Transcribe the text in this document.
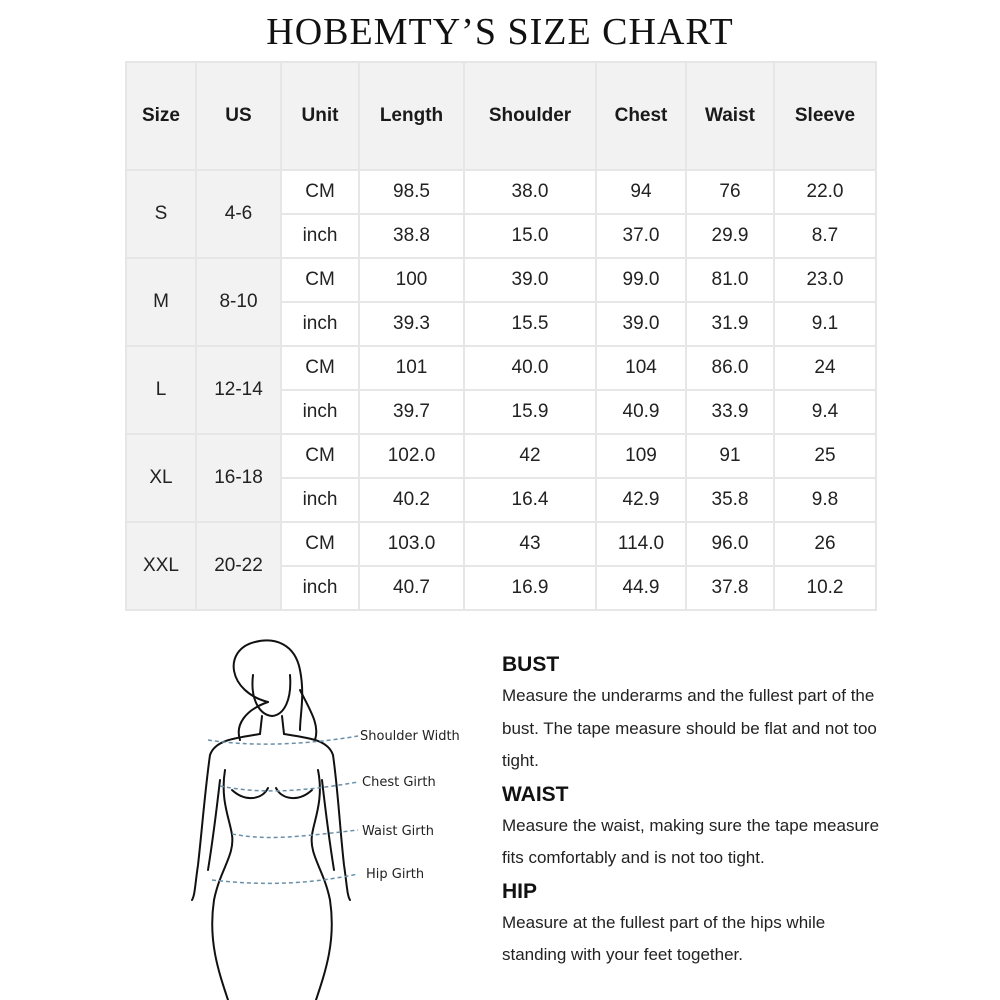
HOBEMTY’S SIZE CHART
Size	US	Unit	Length	Shoulder	Chest	Waist	Sleeve
S	4-6	CM	98.5	38.0	94	76	22.0
		inch	38.8	15.0	37.0	29.9	8.7
M	8-10	CM	100	39.0	99.0	81.0	23.0
		inch	39.3	15.5	39.0	31.9	9.1
L	12-14	CM	101	40.0	104	86.0	24
		inch	39.7	15.9	40.9	33.9	9.4
XL	16-18	CM	102.0	42	109	91	25
		inch	40.2	16.4	42.9	35.8	9.8
XXL	20-22	CM	103.0	43	114.0	96.0	26
		inch	40.7	16.9	44.9	37.8	10.2
Shoulder Width
Chest Girth
Waist Girth
Hip Girth
BUST

Measure the underarms and the fullest part of the bust. The tape measure should be flat and not too tight.

WAIST

Measure the waist, making sure the tape measure fits comfortably and is not too tight.

HIP

Measure at the fullest part of the hips while standing with your feet together.
